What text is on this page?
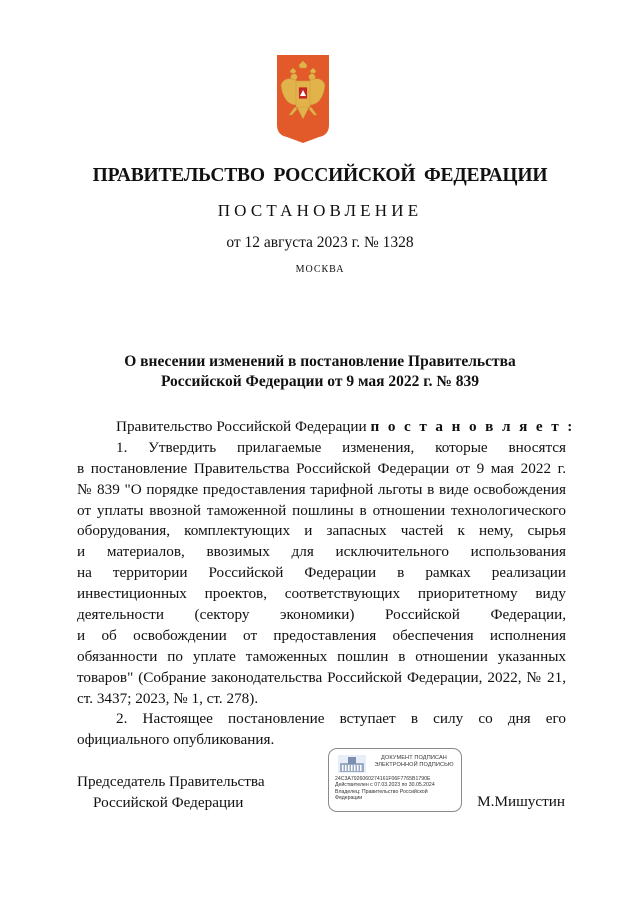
ПРАВИТЕЛЬСТВО РОССИЙСКОЙ ФЕДЕРАЦИИ
ПОСТАНОВЛЕНИЕ
от 12 августа 2023 г. № 1328
МОСКВА
О внесении изменений в постановление Правительства
Российской Федерации от 9 мая 2022 г. № 839
Правительство Российской Федерации п о с т а н о в л я е т :
1. Утвердить прилагаемые изменения, которые вносятся
в постановление Правительства Российской Федерации от 9 мая 2022 г.
№ 839 "О порядке предоставления тарифной льготы в виде освобождения
от уплаты ввозной таможенной пошлины в отношении технологического
оборудования, комплектующих и запасных частей к нему, сырья
и материалов, ввозимых для исключительного использования
на территории Российской Федерации в рамках реализации
инвестиционных проектов, соответствующих приоритетному виду
деятельности (сектору экономики) Российской Федерации,
и об освобождении от предоставления обеспечения исполнения
обязанности по уплате таможенных пошлин в отношении указанных
товаров" (Собрание законодательства Российской Федерации, 2022, № 21,
ст. 3437; 2023, № 1, ст. 278).
2. Настоящее постановление вступает в силу со дня его
официального опубликования.
Председатель Правительства
Российской Федерации
ДОКУМЕНТ ПОДПИСАН
ЭЛЕКТРОННОЙ ПОДПИСЬЮ
24C3A7926060274161F06F7765B1790E
Действителен с 07.03.2023 по 30.05.2024
Владелец: Правительство Российской
Федерации	М.Мишустин
